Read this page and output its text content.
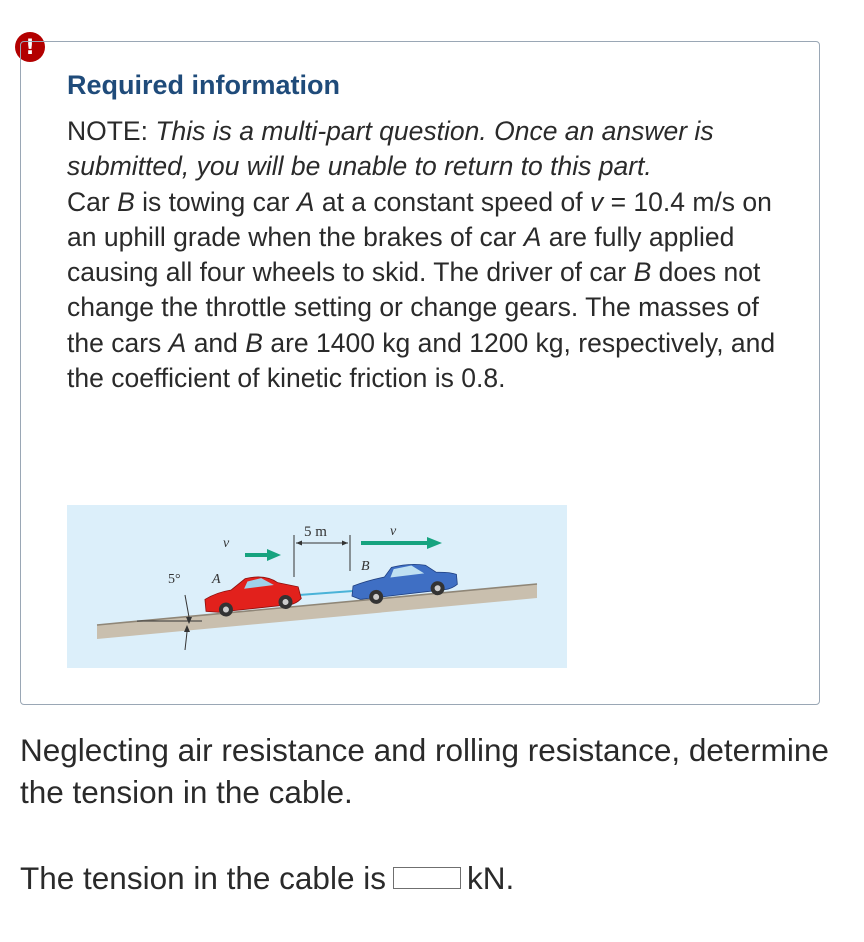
!
Required information

NOTE: This is a multi-part question. Once an answer is submitted, you will be unable to return to this part.

Car B is towing car A at a constant speed of v = 10.4 m/s on an uphill grade when the brakes of car A are fully applied causing all four wheels to skid. The driver of car B does not change the throttle setting or change gears. The masses of the cars A and B are 1400 kg and 1200 kg, respectively, and the coefficient of kinetic friction is 0.8.

5°
v
v
5 m
A
B

Neglecting air resistance and rolling resistance, determine the tension in the cable.

The tension in the cable is	kN.
